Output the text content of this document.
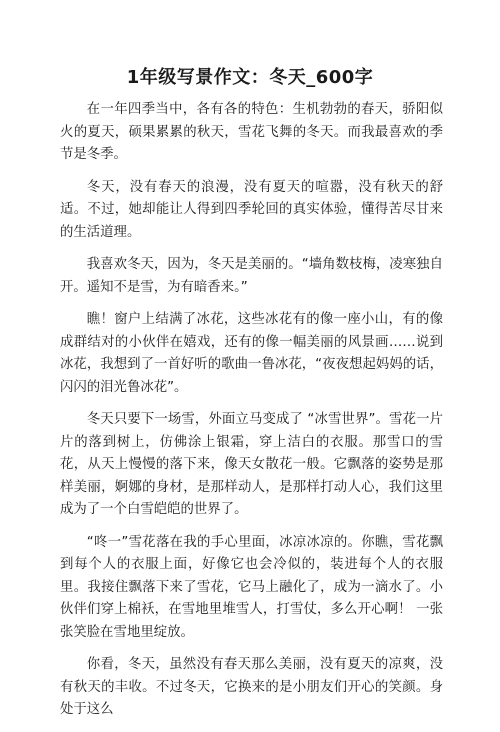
1年级写景作文：冬天_600字

在一年四季当中，各有各的特色：生机勃勃的春天，骄阳似火的夏天，硕果累累的秋天，雪花飞舞的冬天。而我最喜欢的季节是冬季。

冬天，没有春天的浪漫，没有夏天的喧嚣，没有秋天的舒适。不过，她却能让人得到四季轮回的真实体验，懂得苦尽甘来的生活道理。

我喜欢冬天，因为，冬天是美丽的。“墙角数枝梅，凌寒独自开。遥知不是雪，为有暗香来。”

瞧！窗户上结满了冰花，这些冰花有的像一座小山，有的像成群结对的小伙伴在嬉戏，还有的像一幅美丽的风景画……说到冰花，我想到了一首好听的歌曲一鲁冰花，“夜夜想起妈妈的话，闪闪的泪光鲁冰花”。

冬天只要下一场雪，外面立马变成了 “冰雪世界”。雪花一片片的落到树上，仿佛涂上银霜，穿上洁白的衣服。那雪口的雪花，从天上慢慢的落下来，像天女散花一般。它飘落的姿势是那样美丽，婀娜的身材，是那样动人，是那样打动人心，我们这里成为了一个白雪皑皑的世界了。

“咚一”雪花落在我的手心里面，冰凉冰凉的。你瞧，雪花飘到每个人的衣服上面，好像它也会冷似的，装进每个人的衣服里。我接住飘落下来了雪花，它马上融化了，成为一滴水了。小伙伴们穿上棉袄，在雪地里堆雪人，打雪仗，多么开心啊！ 一张张笑脸在雪地里绽放。

你看，冬天，虽然没有春天那么美丽，没有夏天的凉爽，没有秋天的丰收。不过冬天，它换来的是小朋友们开心的笑颜。身处于这么
